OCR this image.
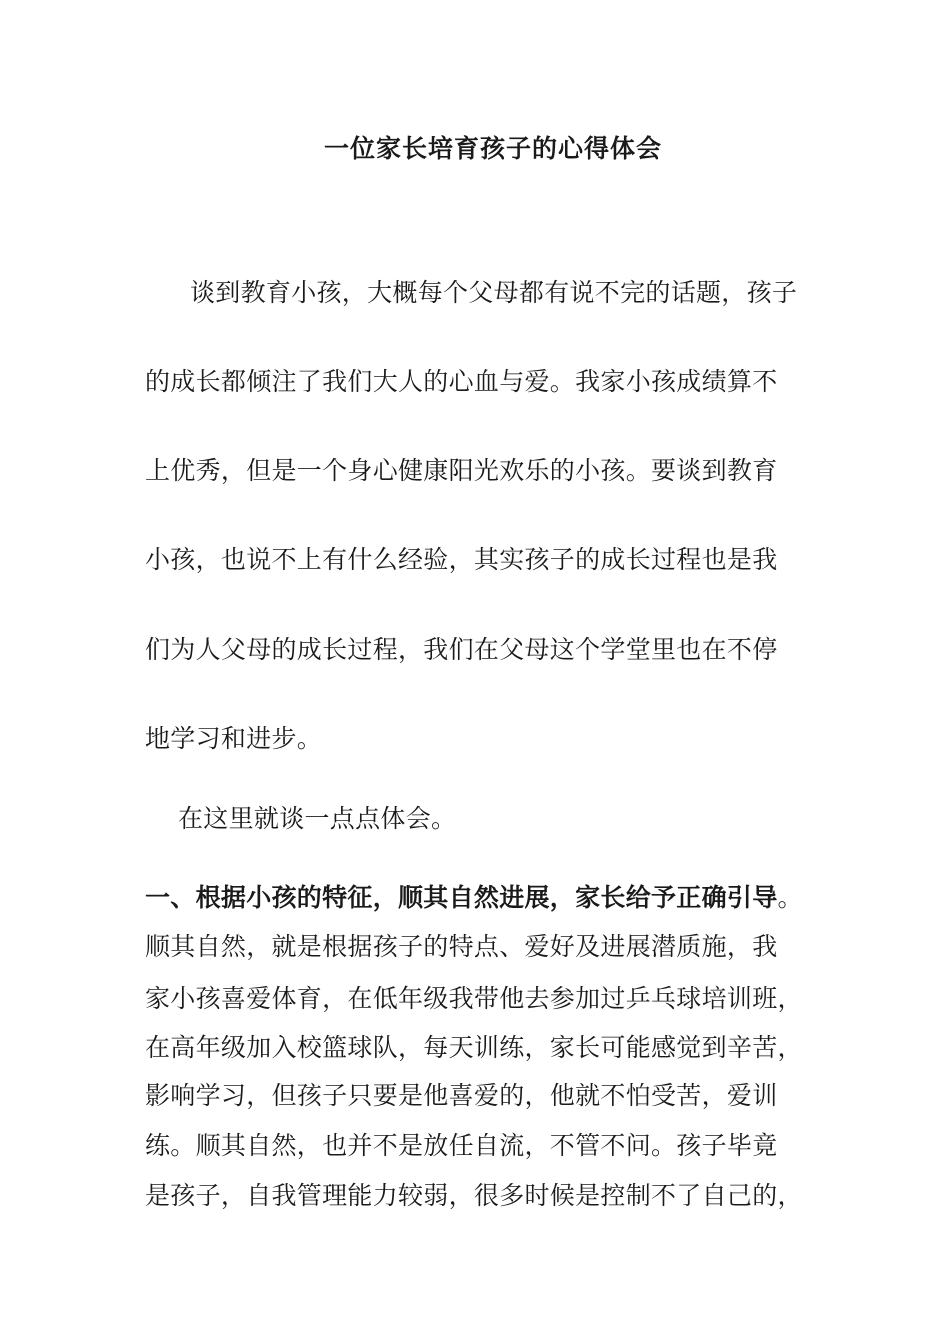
一位家长培育孩子的心得体会
谈到教育小孩，大概每个父母都有说不完的话题，孩子
的成长都倾注了我们大人的心血与爱。我家小孩成绩算不
上优秀，但是一个身心健康阳光欢乐的小孩。要谈到教育
小孩，也说不上有什么经验，其实孩子的成长过程也是我
们为人父母的成长过程，我们在父母这个学堂里也在不停
地学习和进步。
在这里就谈一点点体会。
一、根据小孩的特征，顺其自然进展，家长给予正确引导。
顺其自然，就是根据孩子的特点、爱好及进展潜质施，我
家小孩喜爱体育，在低年级我带他去参加过乒乓球培训班，
在高年级加入校篮球队，每天训练，家长可能感觉到辛苦，
影响学习，但孩子只要是他喜爱的，他就不怕受苦，爱训
练。顺其自然，也并不是放任自流，不管不问。孩子毕竟
是孩子，自我管理能力较弱，很多时候是控制不了自己的，
